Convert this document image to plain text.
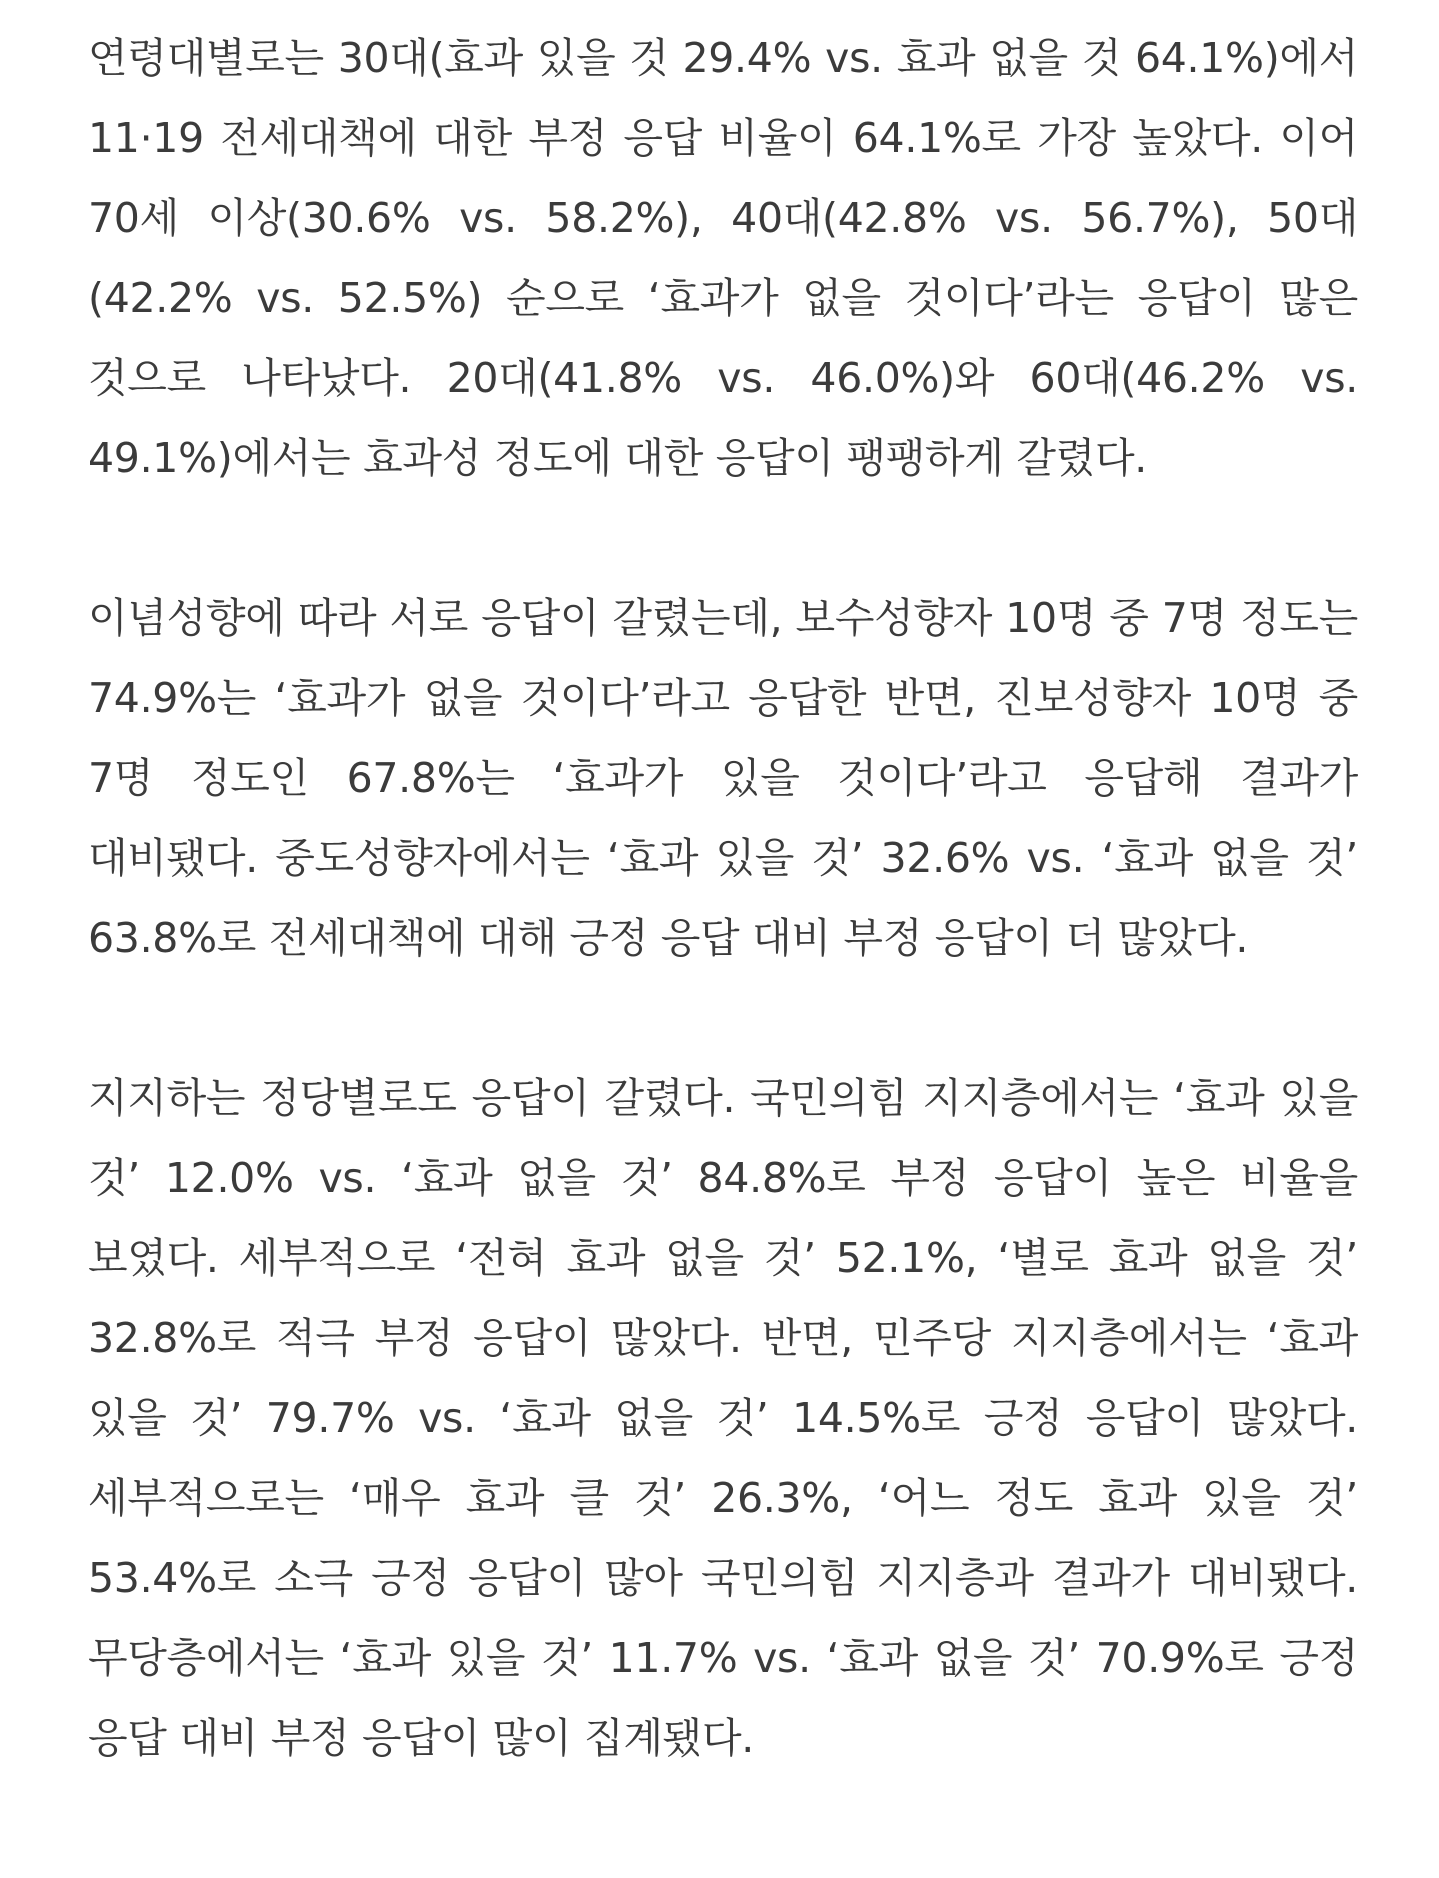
연령대별로는 30대(효과 있을 것 29.4% vs. 효과 없을 것 64.1%)에서 11·19 전세대책에 대한 부정 응답 비율이 64.1%로 가장 높았다. 이어 70세 이상(30.6% vs. 58.2%), 40대(42.8% vs. 56.7%), 50대(42.2% vs. 52.5%) 순으로 ‘효과가 없을 것이다’라는 응답이 많은 것으로 나타났다. 20대(41.8% vs. 46.0%)와 60대(46.2% vs. 49.1%)에서는 효과성 정도에 대한 응답이 팽팽하게 갈렸다.

이념성향에 따라 서로 응답이 갈렸는데, 보수성향자 10명 중 7명 정도는 74.9%는 ‘효과가 없을 것이다’라고 응답한 반면, 진보성향자 10명 중 7명 정도인 67.8%는 ‘효과가 있을 것이다’라고 응답해 결과가 대비됐다. 중도성향자에서는 ‘효과 있을 것’ 32.6% vs. ‘효과 없을 것’ 63.8%로 전세대책에 대해 긍정 응답 대비 부정 응답이 더 많았다.

지지하는 정당별로도 응답이 갈렸다. 국민의힘 지지층에서는 ‘효과 있을 것’ 12.0% vs. ‘효과 없을 것’ 84.8%로 부정 응답이 높은 비율을 보였다. 세부적으로 ‘전혀 효과 없을 것’ 52.1%, ‘별로 효과 없을 것’ 32.8%로 적극 부정 응답이 많았다. 반면, 민주당 지지층에서는 ‘효과 있을 것’ 79.7% vs. ‘효과 없을 것’ 14.5%로 긍정 응답이 많았다. 세부적으로는 ‘매우 효과 클 것’ 26.3%, ‘어느 정도 효과 있을 것’ 53.4%로 소극 긍정 응답이 많아 국민의힘 지지층과 결과가 대비됐다. 무당층에서는 ‘효과 있을 것’ 11.7% vs. ‘효과 없을 것’ 70.9%로 긍정 응답 대비 부정 응답이 많이 집계됐다.
